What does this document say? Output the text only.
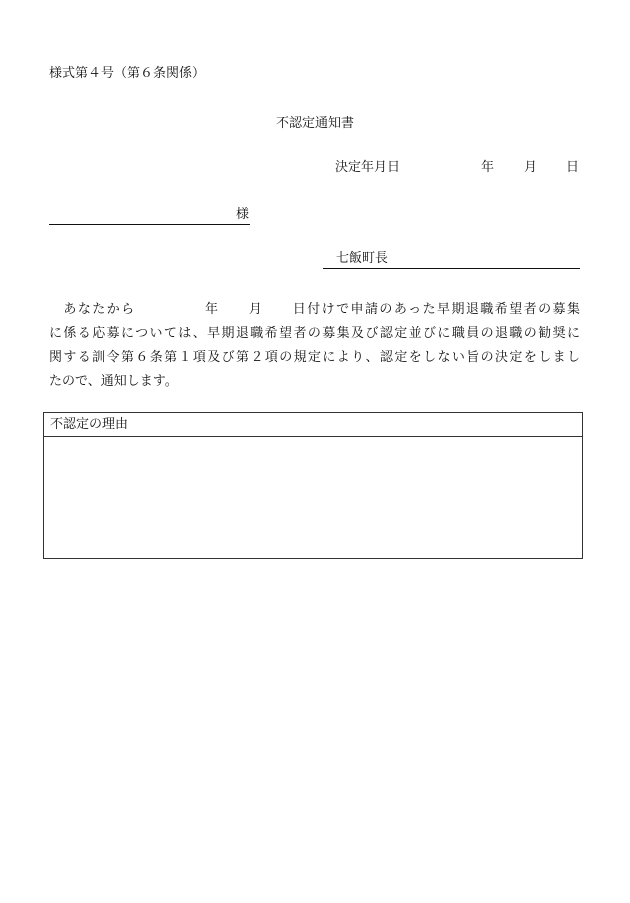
様式第４号（第６条関係）
不認定通知書
決定年月日	年 月 日
様
七飯町長
あなたから	年 月 日付けで申請のあった早期退職希望者の募集
に係る応募については、早期退職希望者の募集及び認定並びに職員の退職の勧奨に
関する訓令第６条第１項及び第２項の規定により、認定をしない旨の決定をしまし
たので、通知します。
不認定の理由
